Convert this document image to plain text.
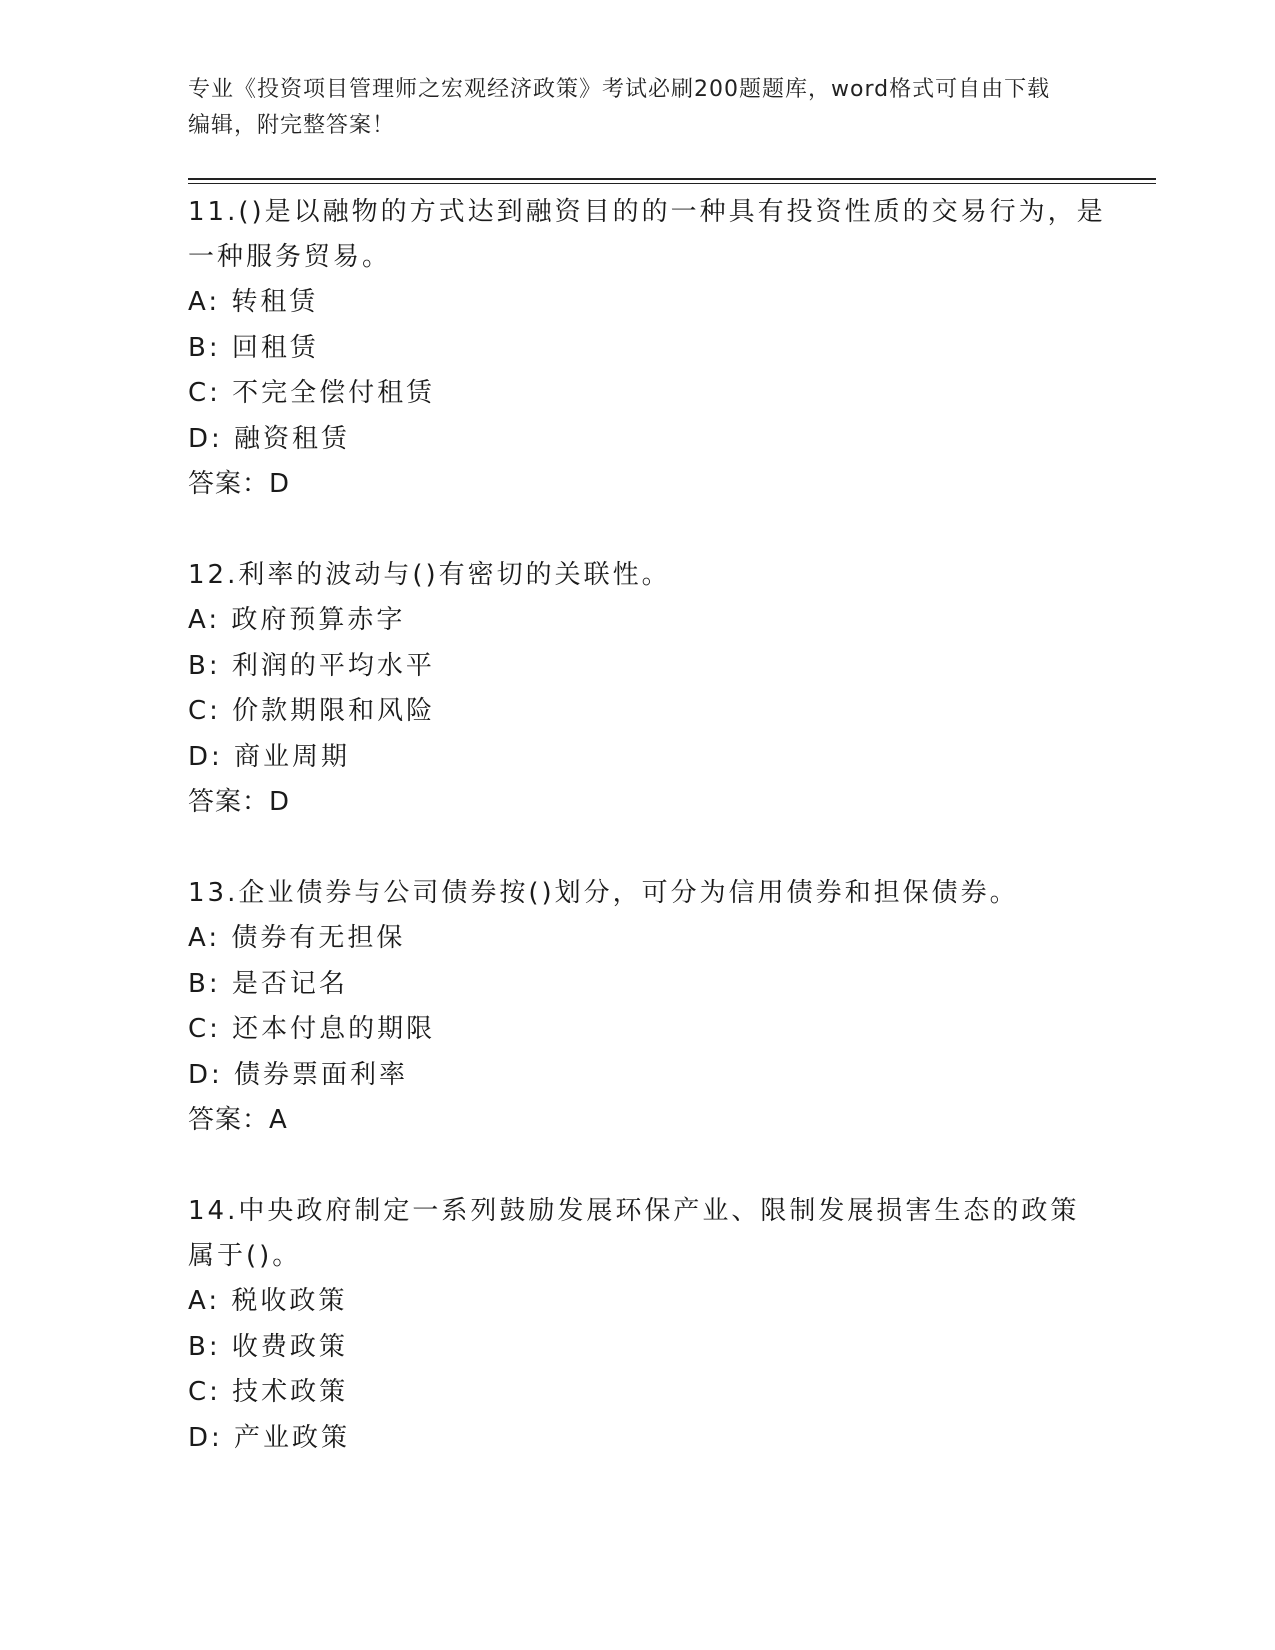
专业《投资项目管理师之宏观经济政策》考试必刷200题题库，word格式可自由下载编辑，附完整答案！
11.()是以融物的方式达到融资目的的一种具有投资性质的交易行为，是一种服务贸易。
A: 转租赁
B: 回租赁
C: 不完全偿付租赁
D: 融资租赁
答案：D
12.利率的波动与()有密切的关联性。
A: 政府预算赤字
B: 利润的平均水平
C: 价款期限和风险
D: 商业周期
答案：D
13.企业债券与公司债券按()划分，可分为信用债券和担保债券。
A: 债券有无担保
B: 是否记名
C: 还本付息的期限
D: 债券票面利率
答案：A
14.中央政府制定一系列鼓励发展环保产业、限制发展损害生态的政策属于()。
A: 税收政策
B: 收费政策
C: 技术政策
D: 产业政策
